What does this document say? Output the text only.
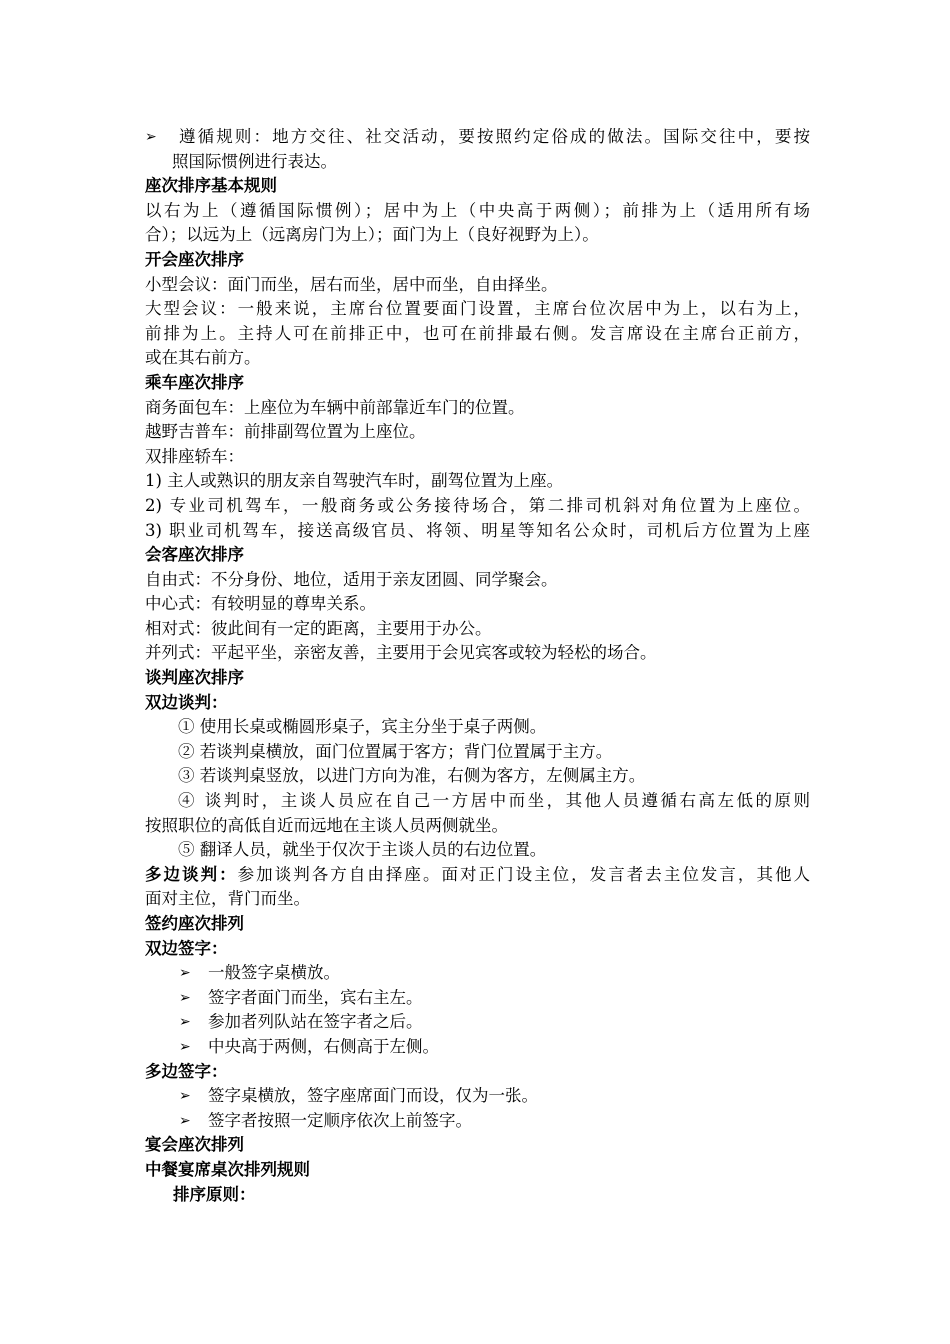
➢	遵循规则：地方交往、社交活动，要按照约定俗成的做法。国际交往中，要按
照国际惯例进行表达。
座次排序基本规则
以右为上（遵循国际惯例）；居中为上（中央高于两侧）；前排为上（适用所有场
合）；以远为上（远离房门为上）；面门为上（良好视野为上）。
开会座次排序
小型会议：面门而坐，居右而坐，居中而坐，自由择坐。
大型会议：一般来说，主席台位置要面门设置，主席台位次居中为上，以右为上，
前排为上。主持人可在前排正中，也可在前排最右侧。发言席设在主席台正前方，
或在其右前方。
乘车座次排序
商务面包车：上座位为车辆中前部靠近车门的位置。
越野吉普车：前排副驾位置为上座位。
双排座轿车：
1) 主人或熟识的朋友亲自驾驶汽车时，副驾位置为上座。
2) 专业司机驾车，一般商务或公务接待场合，第二排司机斜对角位置为上座位。
3) 职业司机驾车，接送高级官员、将领、明星等知名公众时，司机后方位置为上座
会客座次排序
自由式：不分身份、地位，适用于亲友团圆、同学聚会。
中心式：有较明显的尊卑关系。
相对式：彼此间有一定的距离，主要用于办公。
并列式：平起平坐，亲密友善，主要用于会见宾客或较为轻松的场合。
谈判座次排序
双边谈判：
① 使用长桌或椭圆形桌子，宾主分坐于桌子两侧。
② 若谈判桌横放，面门位置属于客方；背门位置属于主方。
③ 若谈判桌竖放，以进门方向为准，右侧为客方，左侧属主方。
④ 谈判时，主谈人员应在自己一方居中而坐，其他人员遵循右高左低的原则
按照职位的高低自近而远地在主谈人员两侧就坐。
⑤ 翻译人员，就坐于仅次于主谈人员的右边位置。
多边谈判：参加谈判各方自由择座。面对正门设主位，发言者去主位发言，其他人
面对主位，背门而坐。
签约座次排列
双边签字：
➢	一般签字桌横放。
➢	签字者面门而坐，宾右主左。
➢	参加者列队站在签字者之后。
➢	中央高于两侧，右侧高于左侧。
多边签字：
➢	签字桌横放，签字座席面门而设，仅为一张。
➢	签字者按照一定顺序依次上前签字。
宴会座次排列
中餐宴席桌次排列规则
排序原则：
